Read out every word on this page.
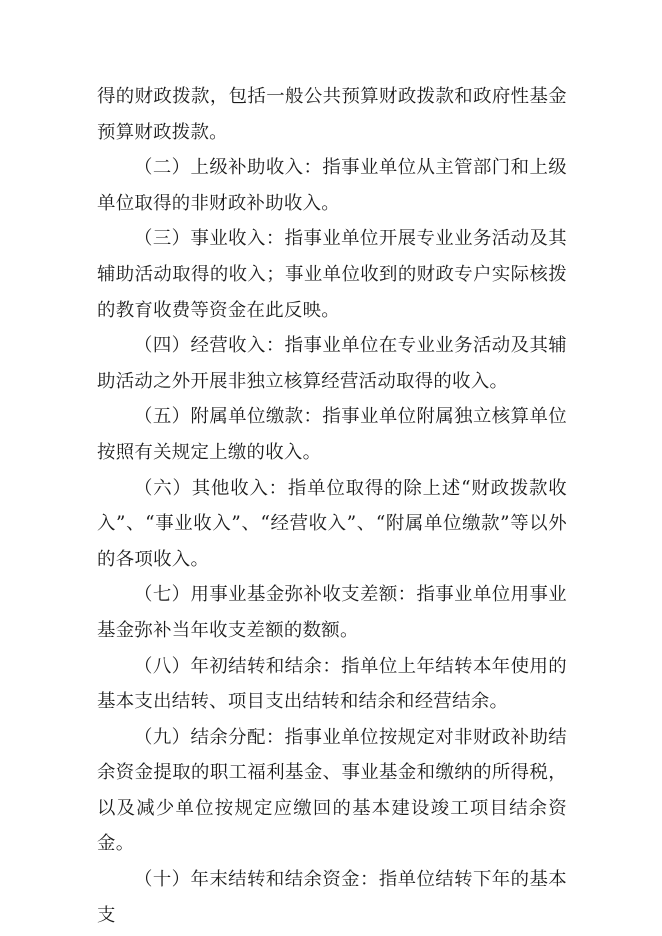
得的财政拨款，包括一般公共预算财政拨款和政府性基金预算财政拨款。

（二）上级补助收入：指事业单位从主管部门和上级单位取得的非财政补助收入。

（三）事业收入：指事业单位开展专业业务活动及其辅助活动取得的收入；事业单位收到的财政专户实际核拨的教育收费等资金在此反映。

（四）经营收入：指事业单位在专业业务活动及其辅助活动之外开展非独立核算经营活动取得的收入。

（五）附属单位缴款：指事业单位附属独立核算单位按照有关规定上缴的收入。

（六）其他收入：指单位取得的除上述“财政拨款收入”、“事业收入”、“经营收入”、“附属单位缴款”等以外的各项收入。

（七）用事业基金弥补收支差额：指事业单位用事业基金弥补当年收支差额的数额。

（八）年初结转和结余：指单位上年结转本年使用的基本支出结转、项目支出结转和结余和经营结余。

（九）结余分配：指事业单位按规定对非财政补助结余资金提取的职工福利基金、事业基金和缴纳的所得税，以及减少单位按规定应缴回的基本建设竣工项目结余资金。

（十）年末结转和结余资金：指单位结转下年的基本支
